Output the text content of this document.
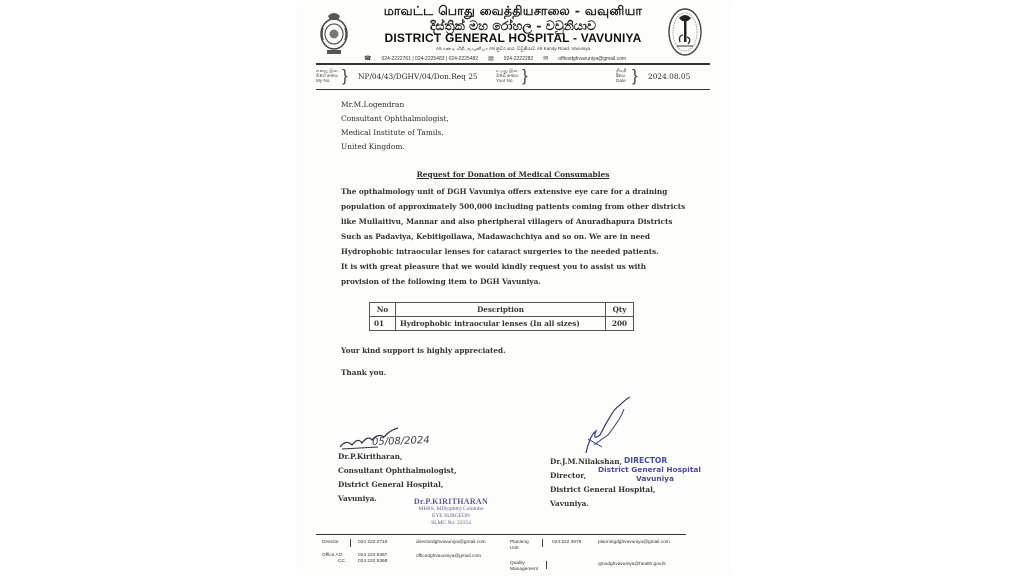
மாவட்ட பொது வைத்தியசாலை - வவுனியா
දිස්ත්‍රික් මහ රෝහල - වවුනියාව
DISTRICT GENERAL HOSPITAL - VAVUNIYA
A9 கண்டி வீதி, வவுனியா A9 නුවර පාර, වවුනියාව A9 Kandy Road, Vavuniya
☎ 024-2222761 | 024-2225483 | 024-2225482 ▤ 024-2222282 ✉ officedghvavuniya@gmail.com
எனது இல.
මගේ අංකය
My No. } NP/04/43/DGHV/04/Don.Req 25
உமது இல.
ඔබේ අංකය
Your No. }	திகதி
දිනය
Date } 2024.08.05
Mr.M.Logendran
Consultant Ophthalmologist,
Medical Institute of Tamils.
United Kingdom.
Request for Donation of Medical Consumables
The opthalmology unit of DGH Vavuniya offers extensive eye care for a draining
population of approximately 500,000 including patients coming from other districts
like Mullaitivu, Mannar and also pheripheral villagers of Anuradhapura Districts
Such as Padaviya, Kebitigollawa, Madawachchiya and so on. We are in need
Hydrophobic intraocular lenses for cataract surgeries to the needed patients.
It is with great pleasure that we would kindly request you to assist us with
provision of the following item to DGH Vavuniya.
No	Description	Qty
01	Hydrophobic intraocular lenses (In all sizes)	200
Your kind support is highly appreciated.
Thank you.
05/08/2024
Dr.P.Kiritharan,
Consultant Ophthalmologist,
District General Hospital,
Vavuniya.	Dr.P.KIRITHARAN
MBBS, MD(ophth) Colombo
EYE SURGEON
SLMC No: 22154
Dr.J.M.Nilakshan,
Director,
District General Hospital,
Vavuniya.
DIRECTOR
District General Hospital
Vavuniya
Director	024 222 2715	directordghvavuniya@gmail.com
Office AO
CC
024 222 5367
024 222 5368
officedghvavuniya@gmail.com
Planning Unit
024 222 3676	planningdghvavuniya@gmail.com
Quality Management
qmudghvavuniya@health.gov.lk
